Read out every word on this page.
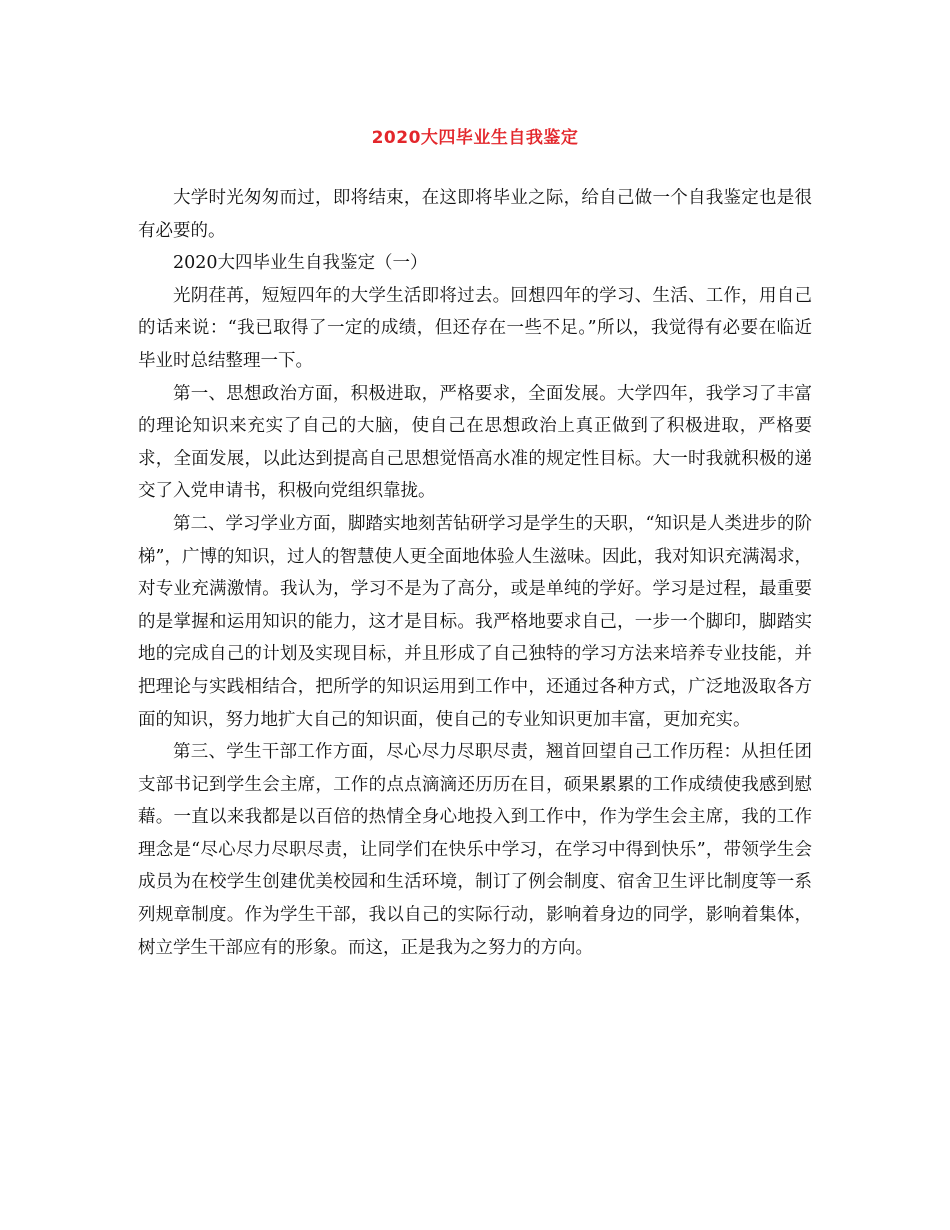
2020大四毕业生自我鉴定

大学时光匆匆而过，即将结束，在这即将毕业之际，给自己做一个自我鉴定也是很有必要的。

2020大四毕业生自我鉴定（一）

光阴荏苒，短短四年的大学生活即将过去。回想四年的学习、生活、工作，用自己的话来说：“我已取得了一定的成绩，但还存在一些不足。”所以，我觉得有必要在临近毕业时总结整理一下。

第一、思想政治方面，积极进取，严格要求，全面发展。大学四年，我学习了丰富的理论知识来充实了自己的大脑，使自己在思想政治上真正做到了积极进取，严格要求，全面发展，以此达到提高自己思想觉悟高水准的规定性目标。大一时我就积极的递交了入党申请书，积极向党组织靠拢。

第二、学习学业方面，脚踏实地刻苦钻研学习是学生的天职，“知识是人类进步的阶梯”，广博的知识，过人的智慧使人更全面地体验人生滋味。因此，我对知识充满渴求，对专业充满激情。我认为，学习不是为了高分，或是单纯的学好。学习是过程，最重要的是掌握和运用知识的能力，这才是目标。我严格地要求自己，一步一个脚印，脚踏实地的完成自己的计划及实现目标，并且形成了自己独特的学习方法来培养专业技能，并把理论与实践相结合，把所学的知识运用到工作中，还通过各种方式，广泛地汲取各方面的知识，努力地扩大自己的知识面，使自己的专业知识更加丰富，更加充实。

第三、学生干部工作方面，尽心尽力尽职尽责，翘首回望自己工作历程：从担任团支部书记到学生会主席，工作的点点滴滴还历历在目，硕果累累的工作成绩使我感到慰藉。一直以来我都是以百倍的热情全身心地投入到工作中，作为学生会主席，我的工作理念是“尽心尽力尽职尽责，让同学们在快乐中学习，在学习中得到快乐”，带领学生会成员为在校学生创建优美校园和生活环境，制订了例会制度、宿舍卫生评比制度等一系列规章制度。作为学生干部，我以自己的实际行动，影响着身边的同学，影响着集体，树立学生干部应有的形象。而这，正是我为之努力的方向。
